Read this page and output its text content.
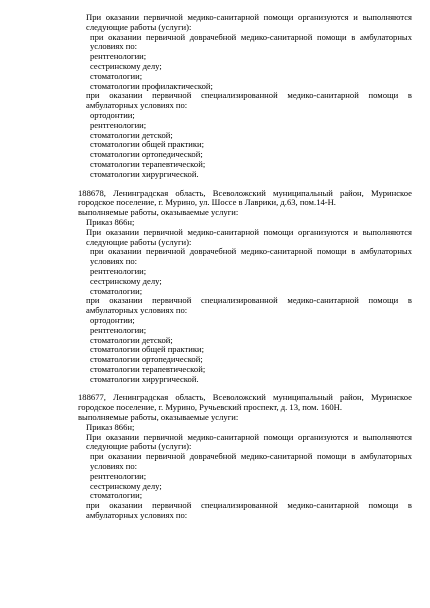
При оказании первичной медико-санитарной помощи организуются и выполняются следующие работы (услуги):

при оказании первичной доврачебной медико-санитарной помощи в амбулаторных условиях по:

рентгенологии;

сестринскому делу;

стоматологии;

стоматологии профилактической;

при оказании первичной специализированной медико-санитарной помощи в амбулаторных условиях по:

ортодонтии;

рентгенологии;

стоматологии детской;

стоматологии общей практики;

стоматологии ортопедической;

стоматологии терапевтической;

стоматологии хирургической.

188678, Ленинградская область, Всеволожский муниципальный район, Муринское городское поселение, г. Мурино, ул. Шоссе в Лаврики, д.63, пом.14-Н.

выполняемые работы, оказываемые услуги:

Приказ 866н;

При оказании первичной медико-санитарной помощи организуются и выполняются следующие работы (услуги):

при оказании первичной доврачебной медико-санитарной помощи в амбулаторных условиях по:

рентгенологии;

сестринскому делу;

стоматологии;

при оказании первичной специализированной медико-санитарной помощи в амбулаторных условиях по:

ортодонтии;

рентгенологии;

стоматологии детской;

стоматологии общей практики;

стоматологии ортопедической;

стоматологии терапевтической;

стоматологии хирургической.

188677, Ленинградская область, Всеволожский муниципальный район, Муринское городское поселение, г. Мурино, Ручьевский проспект, д. 13, пом. 160Н.

выполняемые работы, оказываемые услуги:

Приказ 866н;

При оказании первичной медико-санитарной помощи организуются и выполняются следующие работы (услуги):

при оказании первичной доврачебной медико-санитарной помощи в амбулаторных условиях по:

рентгенологии;

сестринскому делу;

стоматологии;

при оказании первичной специализированной медико-санитарной помощи в амбулаторных условиях по:
